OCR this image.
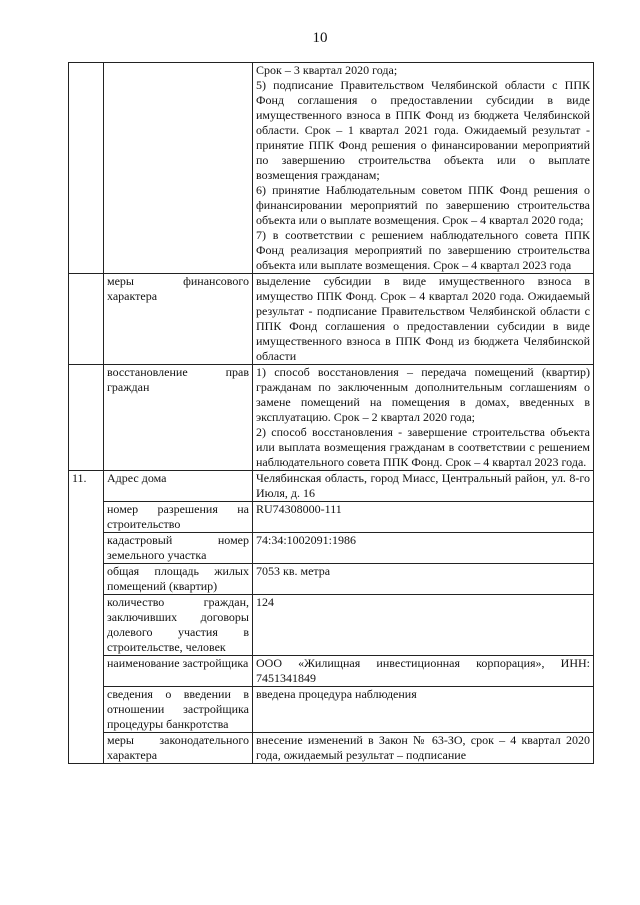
10

		Срок – 3 квартал 2020 года;
5) подписание Правительством Челябинской области с ППК Фонд соглашения о предоставлении субсидии в виде имущественного взноса в ППК Фонд из бюджета Челябинской области. Срок – 1 квартал 2021 года. Ожидаемый результат - принятие ППК Фонд решения о финансировании мероприятий по завершению строительства объекта или о выплате возмещения гражданам;
6) принятие Наблюдательным советом ППК Фонд решения о финансировании мероприятий по завершению строительства объекта или о выплате возмещения. Срок – 4 квартал 2020 года;
7) в соответствии с решением наблюдательного совета ППК Фонд реализация мероприятий по завершению строительства объекта или выплате возмещения. Срок – 4 квартал 2023 года

	меры финансового характера	выделение субсидии в виде имущественного взноса в имущество ППК Фонд. Срок – 4 квартал 2020 года. Ожидаемый результат - подписание Правительством Челябинской области с ППК Фонд соглашения о предоставлении субсидии в виде имущественного взноса в ППК Фонд из бюджета Челябинской области
	восстановление прав граждан	1) способ восстановления – передача помещений (квартир) гражданам по заключенным дополнительным соглашениям о замене помещений на помещения в домах, введенных в эксплуатацию. Срок – 2 квартал 2020 года;
2) способ восстановления - завершение строительства объекта или выплата возмещения гражданам в соответствии с решением наблюдательного совета ППК Фонд. Срок – 4 квартал 2023 года.

11.	Адрес дома	Челябинская область, город Миасс, Центральный район, ул. 8-го Июля, д. 16
	номер разрешения на строительство	RU74308000-111
	кадастровый номер земельного участка	74:34:1002091:1986
	общая площадь жилых помещений (квартир)	7053 кв. метра
	количество граждан, заключивших договоры долевого участия в строительстве, человек	124
	наименование застройщика	ООО «Жилищная инвестиционная корпорация», ИНН: 7451341849
	сведения о введении в отношении застройщика процедуры банкротства	введена процедура наблюдения
	меры законодательного характера	внесение изменений в Закон № 63-ЗО, срок – 4 квартал 2020 года, ожидаемый результат – подписание
